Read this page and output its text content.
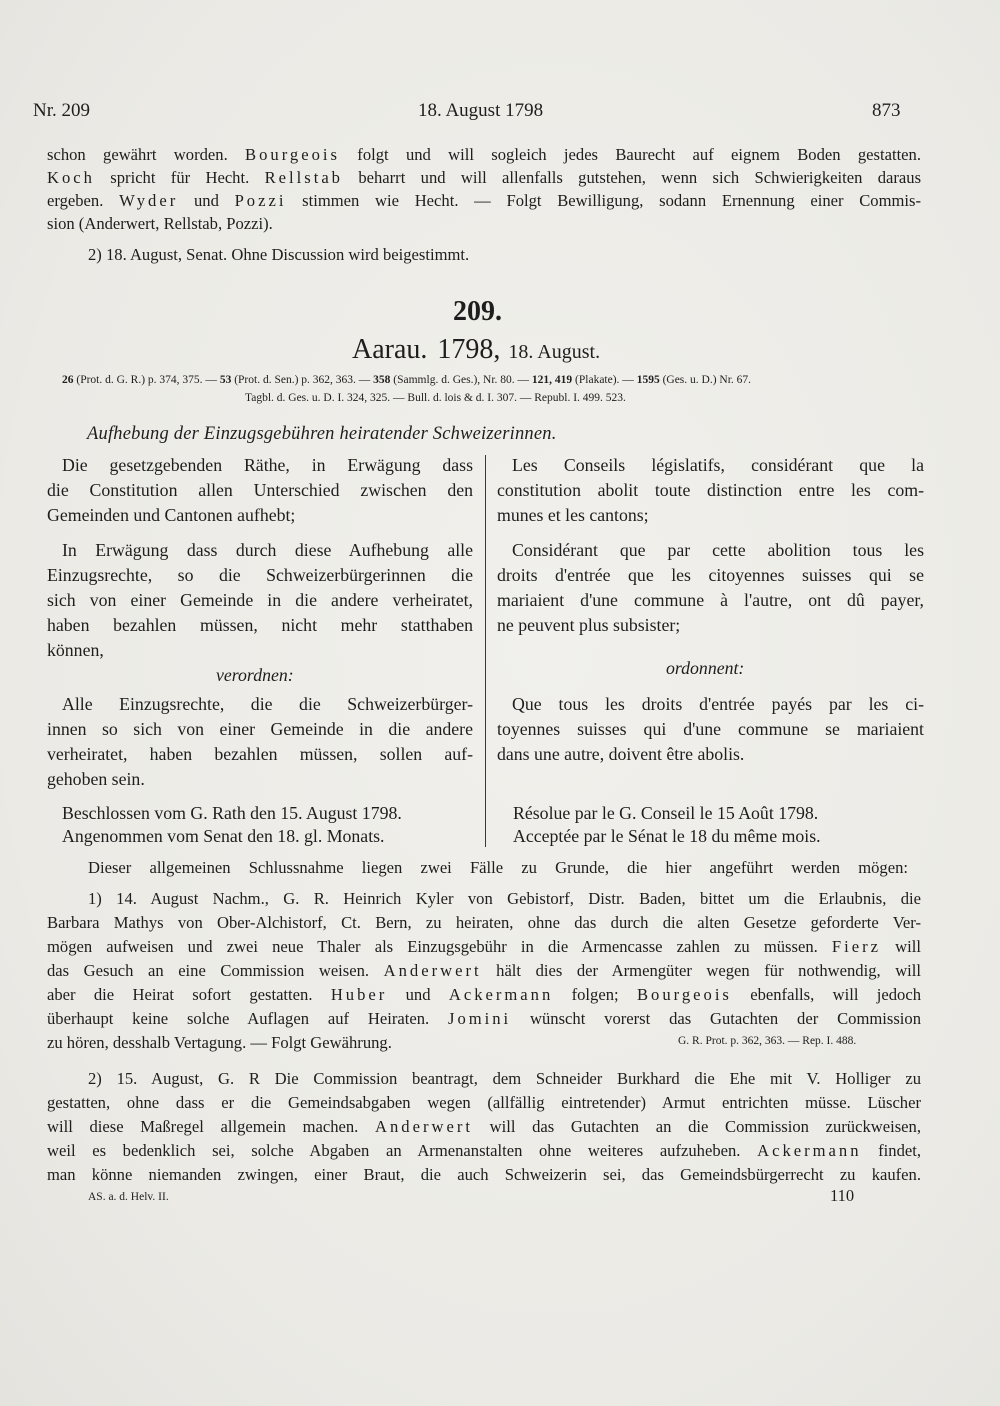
Nr. 209	18. August 1798	873
schon gewährt worden. Bourgeois folgt und will sogleich jedes Baurecht auf eignem Boden gestatten.
Koch spricht für Hecht. Rellstab beharrt und will allenfalls gutstehen, wenn sich Schwierigkeiten daraus
ergeben. Wyder und Pozzi stimmen wie Hecht. — Folgt Bewilligung, sodann Ernennung einer Commis-
sion (Anderwert, Rellstab, Pozzi).
2) 18. August, Senat. Ohne Discussion wird beigestimmt.
209.
Aarau. 1798, 18. August.
26 (Prot. d. G. R.) p. 374, 375. — 53 (Prot. d. Sen.) p. 362, 363. — 358 (Sammlg. d. Ges.), Nr. 80. — 121, 419 (Plakate). — 1595 (Ges. u. D.) Nr. 67.
Tagbl. d. Ges. u. D. I. 324, 325. — Bull. d. lois & d. I. 307. — Republ. I. 499. 523.
Aufhebung der Einzugsgebühren heiratender Schweizerinnen.
Die gesetzgebenden Räthe, in Erwägung dass
die Constitution allen Unterschied zwischen den
Gemeinden und Cantonen aufhebt;
In Erwägung dass durch diese Aufhebung alle
Einzugsrechte, so die Schweizerbürgerinnen die
sich von einer Gemeinde in die andere verheiratet,
haben bezahlen müssen, nicht mehr statthaben
können,
verordnen:
Alle Einzugsrechte, die die Schweizerbürger-
innen so sich von einer Gemeinde in die andere
verheiratet, haben bezahlen müssen, sollen auf-
gehoben sein.
Beschlossen vom G. Rath den 15. August 1798.
Angenommen vom Senat den 18. gl. Monats.
Les Conseils législatifs, considérant que la
constitution abolit toute distinction entre les com-
munes et les cantons;
Considérant que par cette abolition tous les
droits d'entrée que les citoyennes suisses qui se
mariaient d'une commune à l'autre, ont dû payer,
ne peuvent plus subsister;
ordonnent:
Que tous les droits d'entrée payés par les ci-
toyennes suisses qui d'une commune se mariaient
dans une autre, doivent être abolis.
Résolue par le G. Conseil le 15 Août 1798.
Acceptée par le Sénat le 18 du même mois.
Dieser allgemeinen Schlussnahme liegen zwei Fälle zu Grunde, die hier angeführt werden mögen:
1) 14. August Nachm., G. R. Heinrich Kyler von Gebistorf, Distr. Baden, bittet um die Erlaubnis, die
Barbara Mathys von Ober-Alchistorf, Ct. Bern, zu heiraten, ohne das durch die alten Gesetze geforderte Ver-
mögen aufweisen und zwei neue Thaler als Einzugsgebühr in die Armencasse zahlen zu müssen. Fierz will
das Gesuch an eine Commission weisen. Anderwert hält dies der Armengüter wegen für nothwendig, will
aber die Heirat sofort gestatten. Huber und Ackermann folgen; Bourgeois ebenfalls, will jedoch
überhaupt keine solche Auflagen auf Heiraten. Jomini wünscht vorerst das Gutachten der Commission
zu hören, desshalb Vertagung. — Folgt Gewährung.	G. R. Prot. p. 362, 363. — Rep. I. 488.
2) 15. August, G. R Die Commission beantragt, dem Schneider Burkhard die Ehe mit V. Holliger zu
gestatten, ohne dass er die Gemeindsabgaben wegen (allfällig eintretender) Armut entrichten müsse. Lüscher
will diese Maßregel allgemein machen. Anderwert will das Gutachten an die Commission zurückweisen,
weil es bedenklich sei, solche Abgaben an Armenanstalten ohne weiteres aufzuheben. Ackermann findet,
man könne niemanden zwingen, einer Braut, die auch Schweizerin sei, das Gemeindsbürgerrecht zu kaufen.
AS. a. d. Helv. II.	110
